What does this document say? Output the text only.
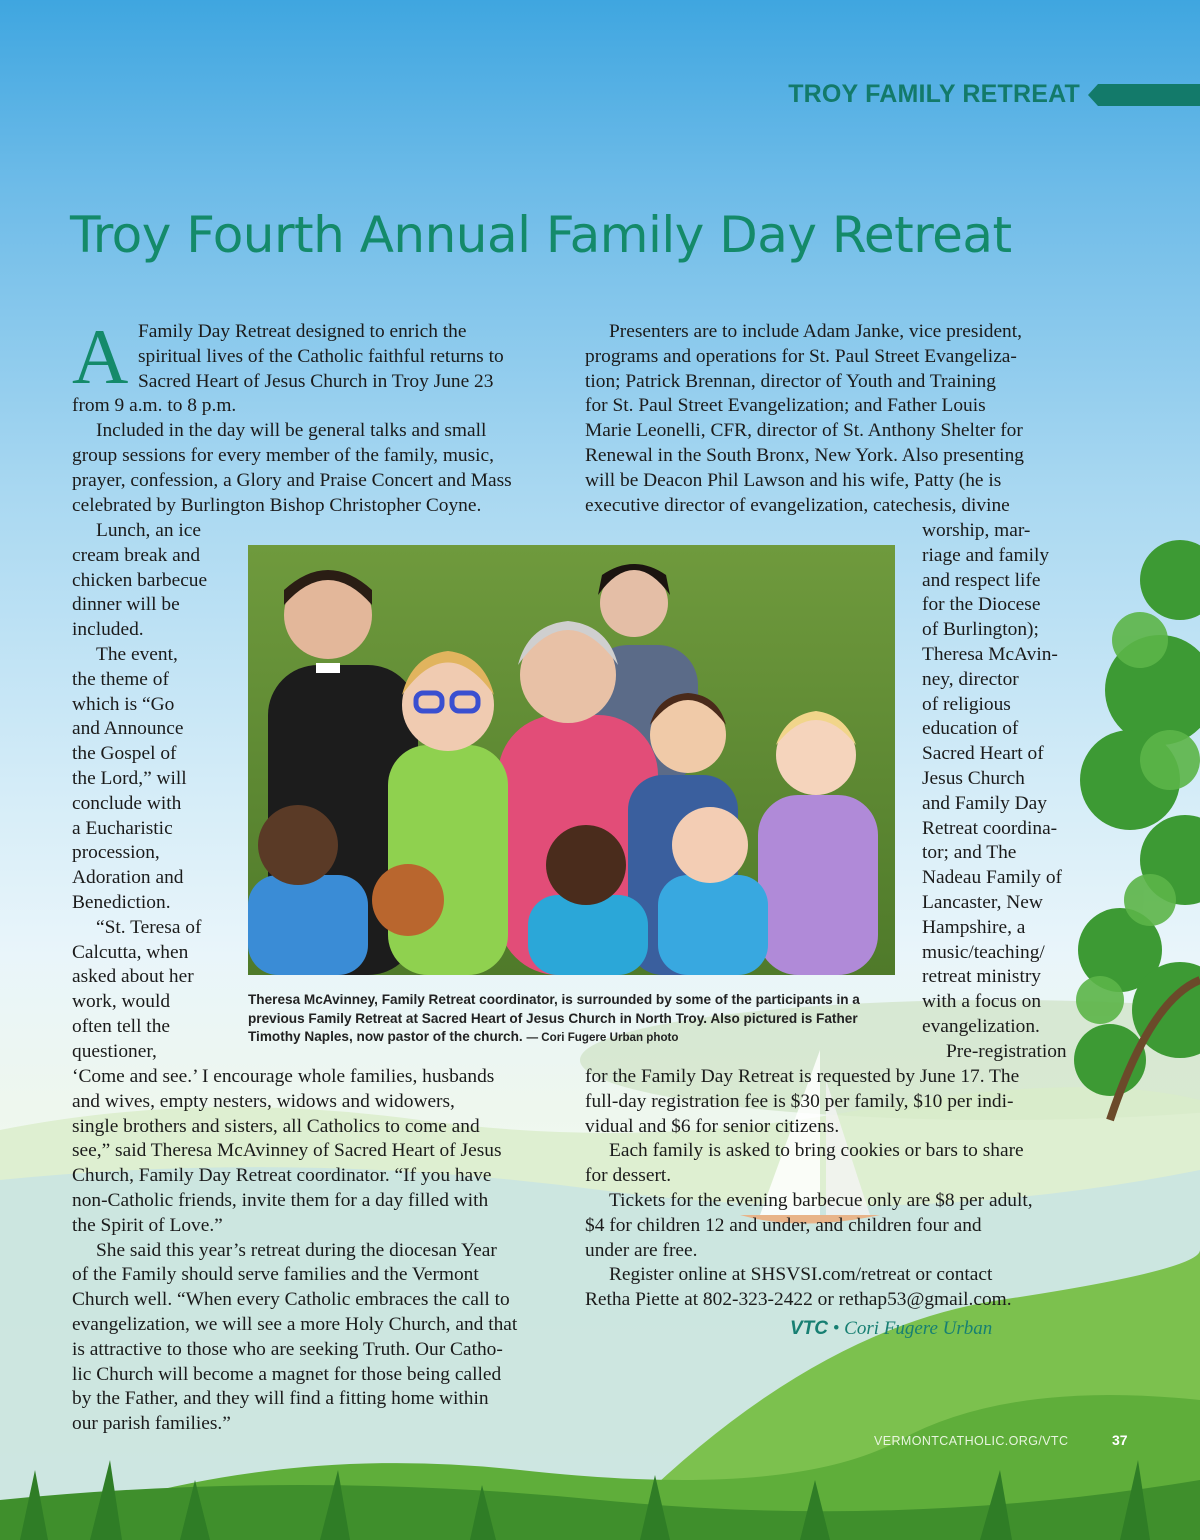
TROY FAMILY RETREAT
Troy Fourth Annual Family Day Retreat
A Family Day Retreat designed to enrich the

spiritual lives of the Catholic faithful returns to

Sacred Heart of Jesus Church in Troy June 23

from 9 a.m. to 8 p.m.

Included in the day will be general talks and small

group sessions for every member of the family, music,

prayer, confession, a Glory and Praise Concert and Mass

celebrated by Burlington Bishop Christopher Coyne.

Lunch, an ice

cream break and

chicken barbecue

dinner will be

included.

The event,

the theme of

which is “Go

and Announce

the Gospel of

the Lord,” will

conclude with

a Eucharistic

procession,

Adoration and

Benediction.

“St. Teresa of

Calcutta, when

asked about her

work, would

often tell the

questioner,

‘Come and see.’ I encourage whole families, husbands

and wives, empty nesters, widows and widowers,

single brothers and sisters, all Catholics to come and

see,” said Theresa McAvinney of Sacred Heart of Jesus

Church, Family Day Retreat coordinator. “If you have

non-Catholic friends, invite them for a day filled with

the Spirit of Love.”

She said this year’s retreat during the diocesan Year

of the Family should serve families and the Vermont

Church well. “When every Catholic embraces the call to

evangelization, we will see a more Holy Church, and that

is attractive to those who are seeking Truth. Our Catho-

lic Church will become a magnet for those being called

by the Father, and they will find a fitting home within

our parish families.”

Presenters are to include Adam Janke, vice president,

programs and operations for St. Paul Street Evangeliza-

tion; Patrick Brennan, director of Youth and Training

for St. Paul Street Evangelization; and Father Louis

Marie Leonelli, CFR, director of St. Anthony Shelter for

Renewal in the South Bronx, New York. Also presenting

will be Deacon Phil Lawson and his wife, Patty (he is

executive director of evangelization, catechesis, divine

worship, mar-

riage and family

and respect life

for the Diocese

of Burlington);

Theresa McAvin-

ney, director

of religious

education of

Sacred Heart of

Jesus Church

and Family Day

Retreat coordina-

tor; and The

Nadeau Family of

Lancaster, New

Hampshire, a

music/teaching/

retreat ministry

with a focus on

evangelization.

Pre-registration

for the Family Day Retreat is requested by June 17. The

full-day registration fee is $30 per family, $10 per indi-

vidual and $6 for senior citizens.

Each family is asked to bring cookies or bars to share

for dessert.

Tickets for the evening barbecue only are $8 per adult,

$4 for children 12 and under, and children four and

under are free.

Register online at SHSVSI.com/retreat or contact

Retha Piette at 802-323-2422 or rethap53@gmail.com.

VTC • Cori Fugere Urban
Theresa McAvinney, Family Retreat coordinator, is surrounded by some of the participants in a previous Family Retreat at Sacred Heart of Jesus Church in North Troy. Also pictured is Father Timothy Naples, now pastor of the church. — Cori Fugere Urban photo
VERMONTCATHOLIC.ORG/VTC	37
